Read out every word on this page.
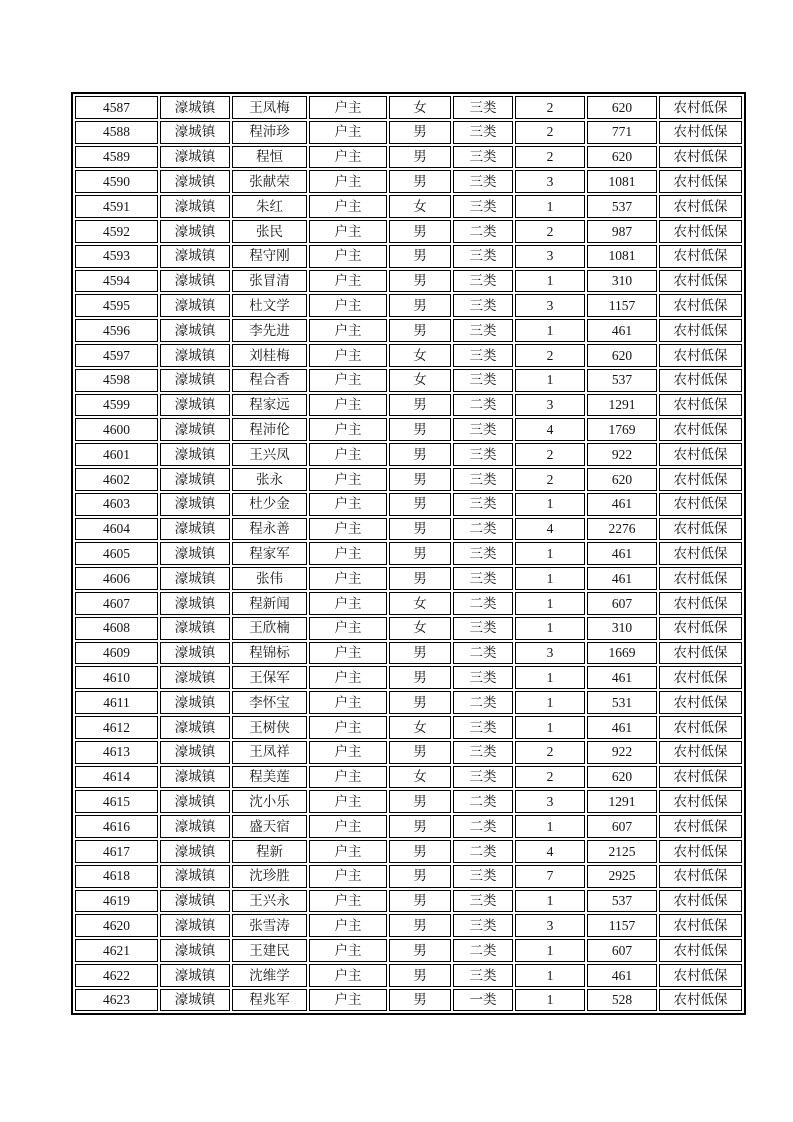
4587	濠城镇	王凤梅	户主	女	三类	2	620	农村低保
4588	濠城镇	程沛珍	户主	男	三类	2	771	农村低保
4589	濠城镇	程恒	户主	男	三类	2	620	农村低保
4590	濠城镇	张献荣	户主	男	三类	3	1081	农村低保
4591	濠城镇	朱红	户主	女	三类	1	537	农村低保
4592	濠城镇	张民	户主	男	二类	2	987	农村低保
4593	濠城镇	程守刚	户主	男	三类	3	1081	农村低保
4594	濠城镇	张冒清	户主	男	三类	1	310	农村低保
4595	濠城镇	杜文学	户主	男	三类	3	1157	农村低保
4596	濠城镇	李先进	户主	男	三类	1	461	农村低保
4597	濠城镇	刘桂梅	户主	女	三类	2	620	农村低保
4598	濠城镇	程合香	户主	女	三类	1	537	农村低保
4599	濠城镇	程家远	户主	男	二类	3	1291	农村低保
4600	濠城镇	程沛伦	户主	男	三类	4	1769	农村低保
4601	濠城镇	王兴凤	户主	男	三类	2	922	农村低保
4602	濠城镇	张永	户主	男	三类	2	620	农村低保
4603	濠城镇	杜少金	户主	男	三类	1	461	农村低保
4604	濠城镇	程永善	户主	男	二类	4	2276	农村低保
4605	濠城镇	程家军	户主	男	三类	1	461	农村低保
4606	濠城镇	张伟	户主	男	三类	1	461	农村低保
4607	濠城镇	程新闻	户主	女	二类	1	607	农村低保
4608	濠城镇	王欣楠	户主	女	三类	1	310	农村低保
4609	濠城镇	程锦标	户主	男	二类	3	1669	农村低保
4610	濠城镇	王保军	户主	男	三类	1	461	农村低保
4611	濠城镇	李怀宝	户主	男	二类	1	531	农村低保
4612	濠城镇	王树侠	户主	女	三类	1	461	农村低保
4613	濠城镇	王凤祥	户主	男	三类	2	922	农村低保
4614	濠城镇	程美莲	户主	女	三类	2	620	农村低保
4615	濠城镇	沈小乐	户主	男	二类	3	1291	农村低保
4616	濠城镇	盛天宿	户主	男	二类	1	607	农村低保
4617	濠城镇	程新	户主	男	二类	4	2125	农村低保
4618	濠城镇	沈珍胜	户主	男	三类	7	2925	农村低保
4619	濠城镇	王兴永	户主	男	三类	1	537	农村低保
4620	濠城镇	张雪涛	户主	男	三类	3	1157	农村低保
4621	濠城镇	王建民	户主	男	二类	1	607	农村低保
4622	濠城镇	沈维学	户主	男	三类	1	461	农村低保
4623	濠城镇	程兆军	户主	男	一类	1	528	农村低保
